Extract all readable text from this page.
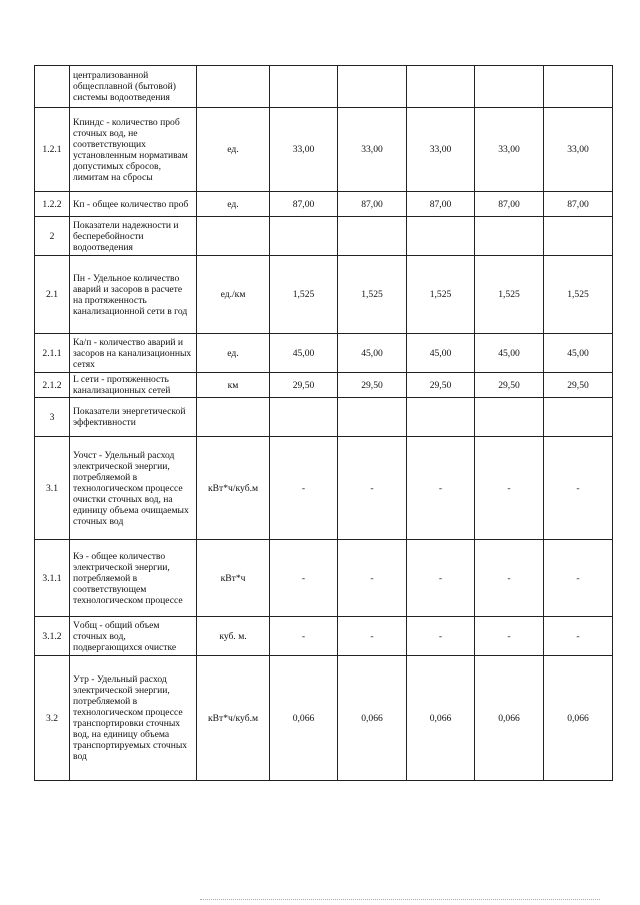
	централизованной общесплавной (бытовой) системы водоотведения						
1.2.1	Кпиндс - количество проб сточных вод, не соответствующих установленным нормативам допустимых сбросов, лимитам на сбросы	ед.	33,00	33,00	33,00	33,00	33,00
1.2.2	Кп - общее количество проб	ед.	87,00	87,00	87,00	87,00	87,00
2	Показатели надежности и бесперебойности водоотведения						
2.1	Пн - Удельное количество аварий и засоров в расчете на протяженность канализационной сети в год	ед./км	1,525	1,525	1,525	1,525	1,525
2.1.1	Ка/п - количество аварий и засоров на канализационных сетях	ед.	45,00	45,00	45,00	45,00	45,00
2.1.2	L сети - протяженность канализационных сетей	км	29,50	29,50	29,50	29,50	29,50
3	Показатели энергетической эффективности						
3.1	Уочст - Удельный расход электрической энергии, потребляемой в технологическом процессе очистки сточных вод, на единицу объема очищаемых сточных вод	кВт*ч/куб.м	-	-	-	-	-
3.1.1	Кэ - общее количество электрической энергии, потребляемой в соответствующем технологическом процессе	кВт*ч	-	-	-	-	-
3.1.2	Vобщ - общий объем сточных вод, подвергающихся очистке	куб. м.	-	-	-	-	-
3.2	Утр - Удельный расход электрической энергии, потребляемой в технологическом процессе транспортировки сточных вод, на единицу объема транспортируемых сточных вод	кВт*ч/куб.м	0,066	0,066	0,066	0,066	0,066
